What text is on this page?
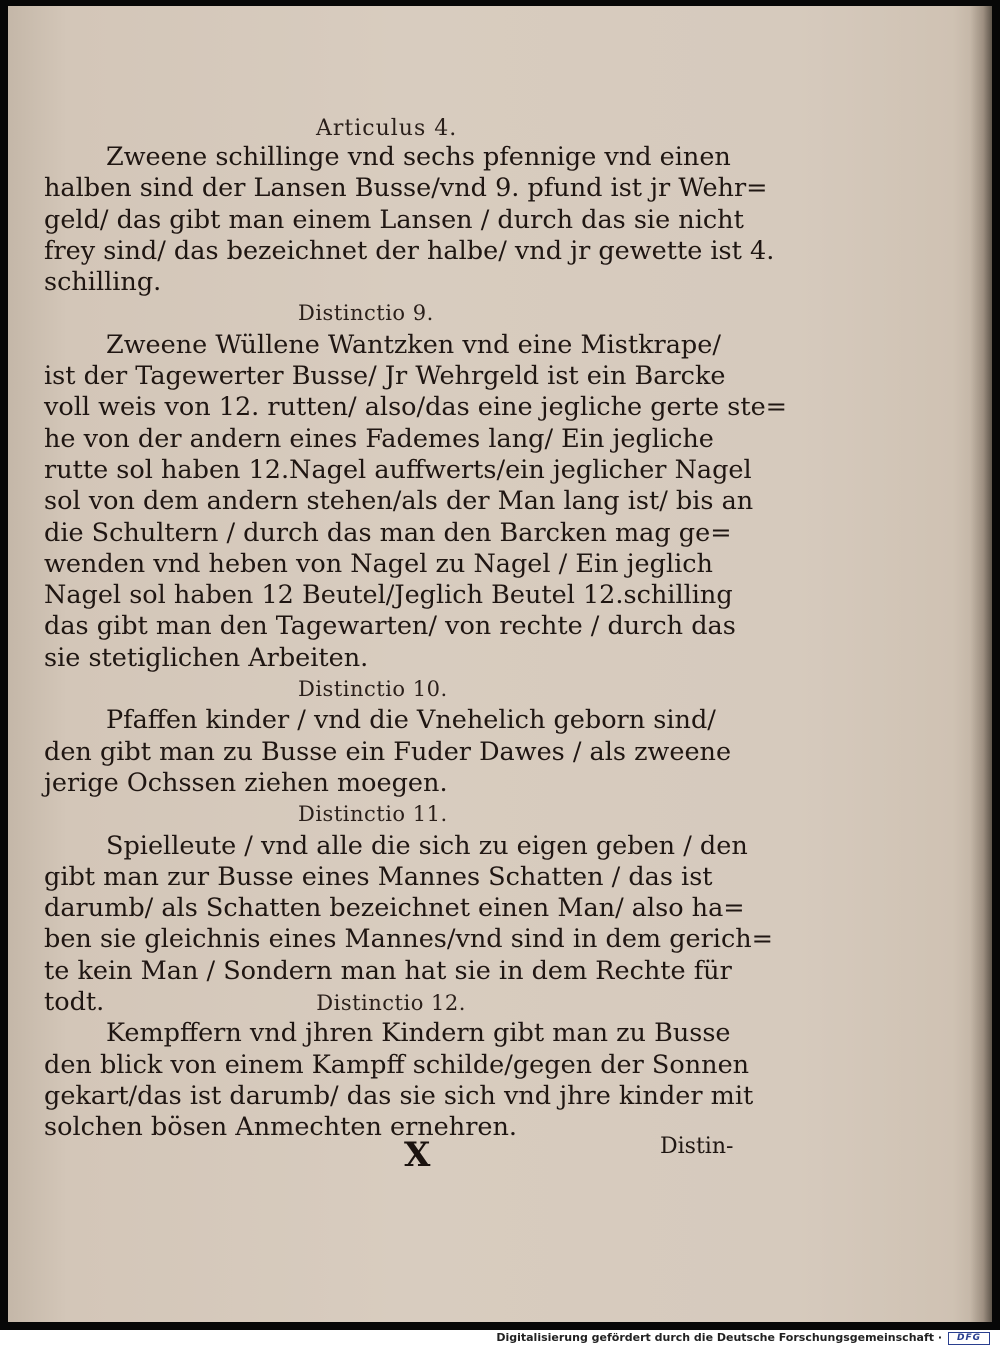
Articulus 4.
Zweene schillinge vnd sechs pfennige vnd einen
halben sind der Lansen Busse/vnd 9. pfund ist jr Wehr=
geld/ das gibt man einem Lansen / durch das sie nicht
frey sind/ das bezeichnet der halbe/ vnd jr gewette ist 4.
schilling.
Distinctio 9.
Zweene Wüllene Wantzken vnd eine Mistkrape/
ist der Tagewerter Busse/ Jr Wehrgeld ist ein Barcke
voll weis von 12. rutten/ also/das eine jegliche gerte ste=
he von der andern eines Fademes lang/ Ein jegliche
rutte sol haben 12.Nagel auffwerts/ein jeglicher Nagel
sol von dem andern stehen/als der Man lang ist/ bis an
die Schultern / durch das man den Barcken mag ge=
wenden vnd heben von Nagel zu Nagel / Ein jeglich
Nagel sol haben 12 Beutel/Jeglich Beutel 12.schilling
das gibt man den Tagewarten/ von rechte / durch das
sie stetiglichen Arbeiten.
Distinctio 10.
Pfaffen kinder / vnd die Vnehelich geborn sind/
den gibt man zu Busse ein Fuder Dawes / als zweene
jerige Ochssen ziehen moegen.
Distinctio 11.
Spielleute / vnd alle die sich zu eigen geben / den
gibt man zur Busse eines Mannes Schatten / das ist
darumb/ als Schatten bezeichnet einen Man/ also ha=
ben sie gleichnis eines Mannes/vnd sind in dem gerich=
te kein Man / Sondern man hat sie in dem Rechte für
todt.	Distinctio 12.
Kempffern vnd jhren Kindern gibt man zu Busse
den blick von einem Kampff schilde/gegen der Sonnen
gekart/das ist darumb/ das sie sich vnd jhre kinder mit
solchen bösen Anmechten ernehren.
X	Distin-
Digitalisierung gefördert durch die Deutsche Forschungsgemeinschaft ·	DFG
